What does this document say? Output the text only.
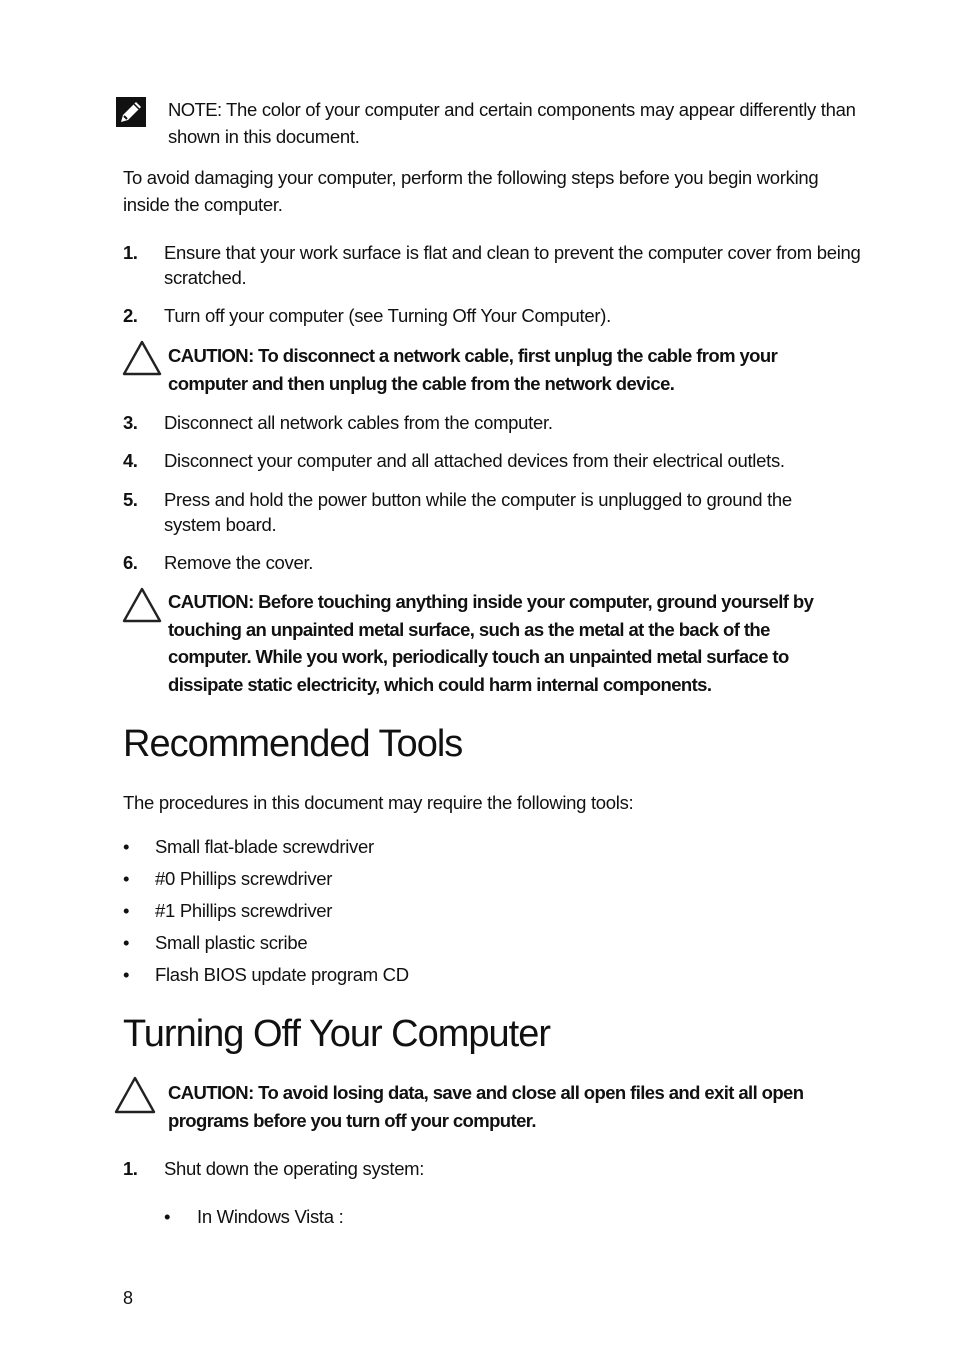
NOTE: The color of your computer and certain components may appear differently than shown in this document.
To avoid damaging your computer, perform the following steps before you begin working inside the computer.
1. Ensure that your work surface is flat and clean to prevent the computer cover from being scratched.
2. Turn off your computer (see Turning Off Your Computer).
CAUTION: To disconnect a network cable, first unplug the cable from your computer and then unplug the cable from the network device.
3. Disconnect all network cables from the computer.
4. Disconnect your computer and all attached devices from their electrical outlets.
5. Press and hold the power button while the computer is unplugged to ground the system board.
6. Remove the cover.
CAUTION: Before touching anything inside your computer, ground yourself by touching an unpainted metal surface, such as the metal at the back of the computer. While you work, periodically touch an unpainted metal surface to dissipate static electricity, which could harm internal components.
Recommended Tools
The procedures in this document may require the following tools:
• Small flat-blade screwdriver
• #0 Phillips screwdriver
• #1 Phillips screwdriver
• Small plastic scribe
• Flash BIOS update program CD
Turning Off Your Computer
CAUTION: To avoid losing data, save and close all open files and exit all open programs before you turn off your computer.
1. Shut down the operating system:
• In Windows Vista :
8
